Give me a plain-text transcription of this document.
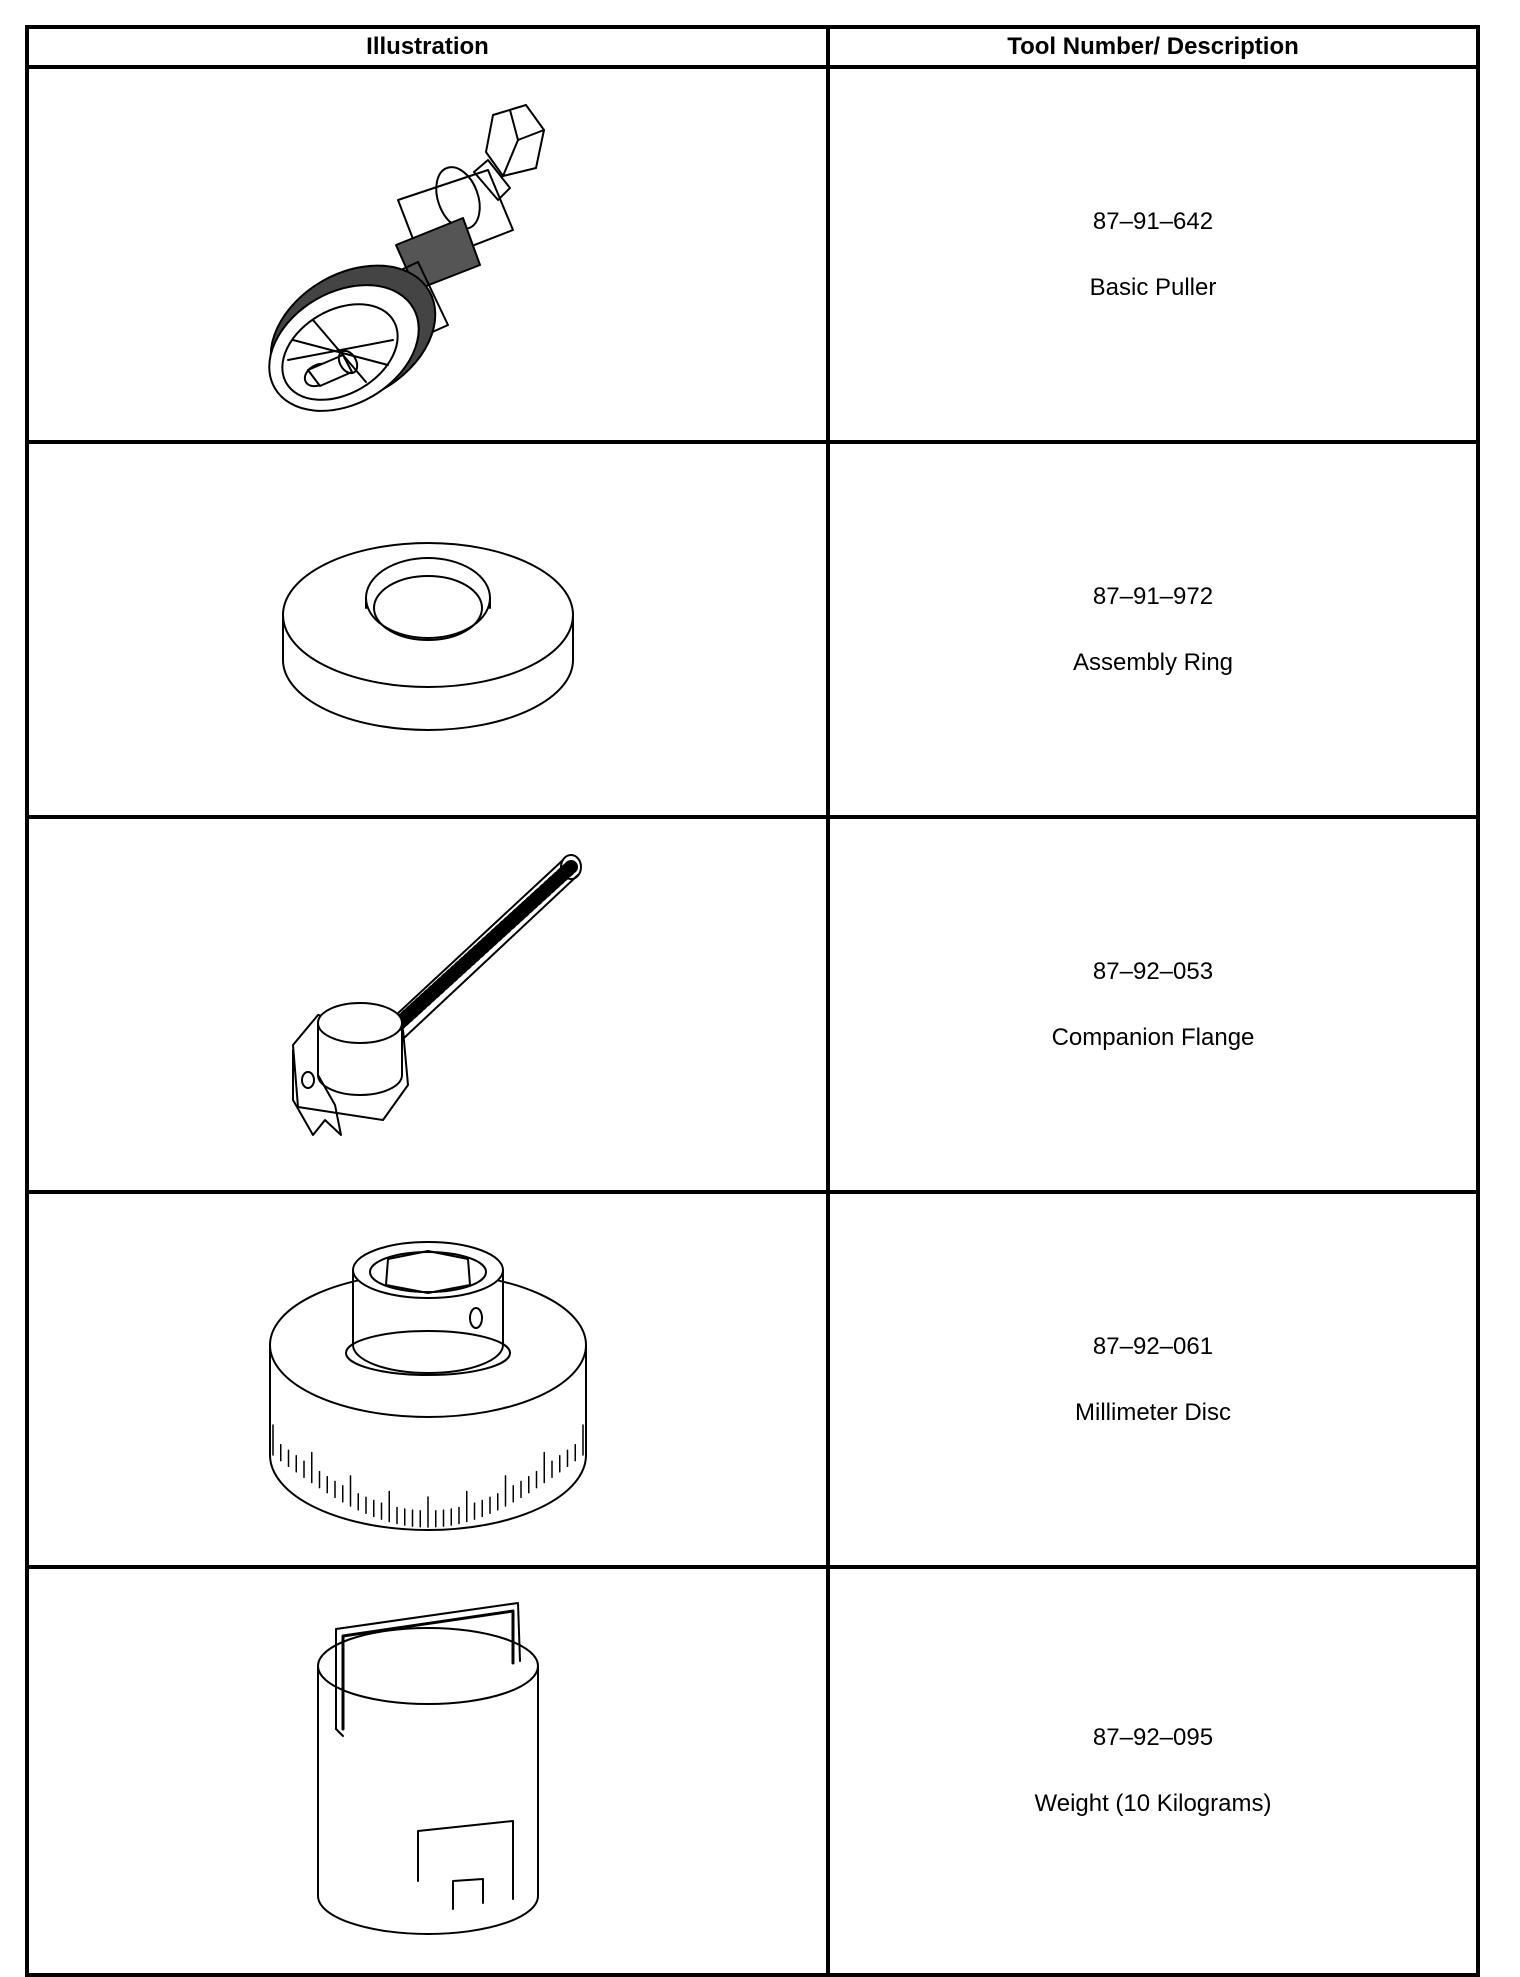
Illustration	Tool Number/ Description

87–91–642
Basic Puller

87–91–972
Assembly Ring

87–92–053
Companion Flange

87–92–061
Millimeter Disc

87–92–095
Weight (10 Kilograms)
